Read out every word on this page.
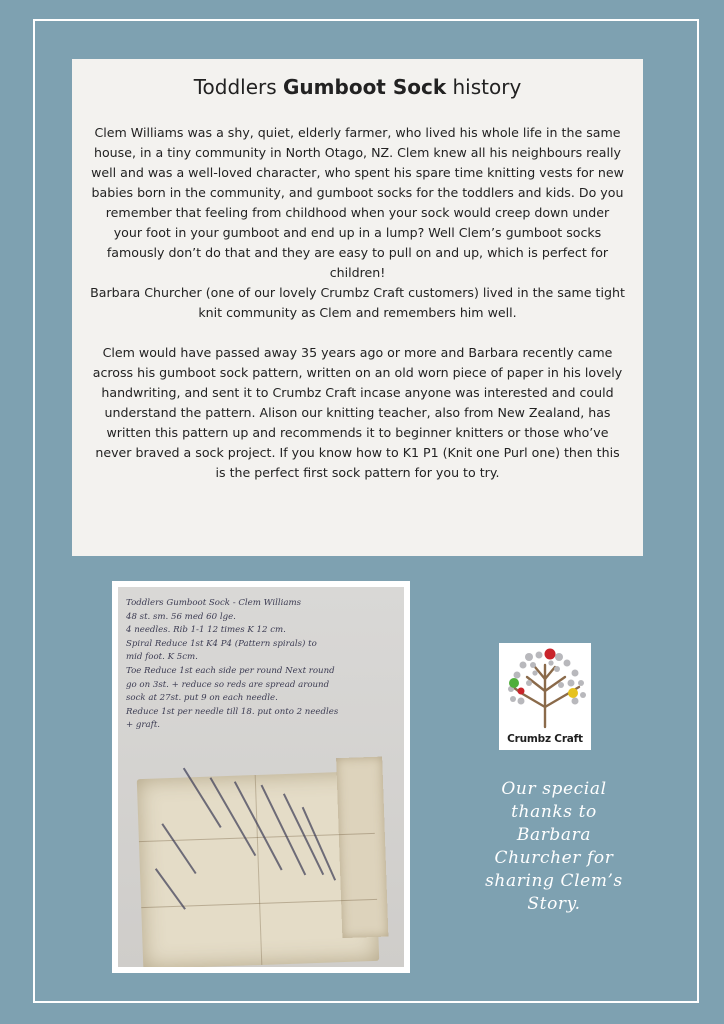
Toddlers Gumboot Sock history

Clem Williams was a shy, quiet, elderly farmer, who lived his whole life in the same house, in a tiny community in North Otago, NZ. Clem knew all his neighbours really well and was a well-loved character, who spent his spare time knitting vests for new babies born in the community, and gumboot socks for the toddlers and kids. Do you remember that feeling from childhood when your sock would creep down under your foot in your gumboot and end up in a lump? Well Clem’s gumboot socks famously don’t do that and they are easy to pull on and up, which is perfect for children!

Barbara Churcher (one of our lovely Crumbz Craft customers) lived in the same tight knit community as Clem and remembers him well.

Clem would have passed away 35 years ago or more and Barbara recently came across his gumboot sock pattern, written on an old worn piece of paper in his lovely handwriting, and sent it to Crumbz Craft incase anyone was interested and could understand the pattern. Alison our knitting teacher, also from New Zealand, has written this pattern up and recommends it to beginner knitters or those who’ve never braved a sock project. If you know how to K1 P1 (Knit one Purl one) then this is the perfect first sock pattern for you to try.

Toddlers Gumboot Sock - Clem Williams
48 st. sm. 56 med 60 lge.
4 needles. Rib 1-1 12 times K 12 cm.
Spiral Reduce 1st K4 P4 (Pattern spirals) to
mid foot. K 5cm.
Toe Reduce 1st each side per round Next round
go on 3st. + reduce so reds are spread around
sock at 27st. put 9 on each needle.
Reduce 1st per needle till 18. put onto 2 needles
+ graft.
Crumbz Craft
Our special
thanks to
Barbara
Churcher for
sharing Clem’s
Story.
